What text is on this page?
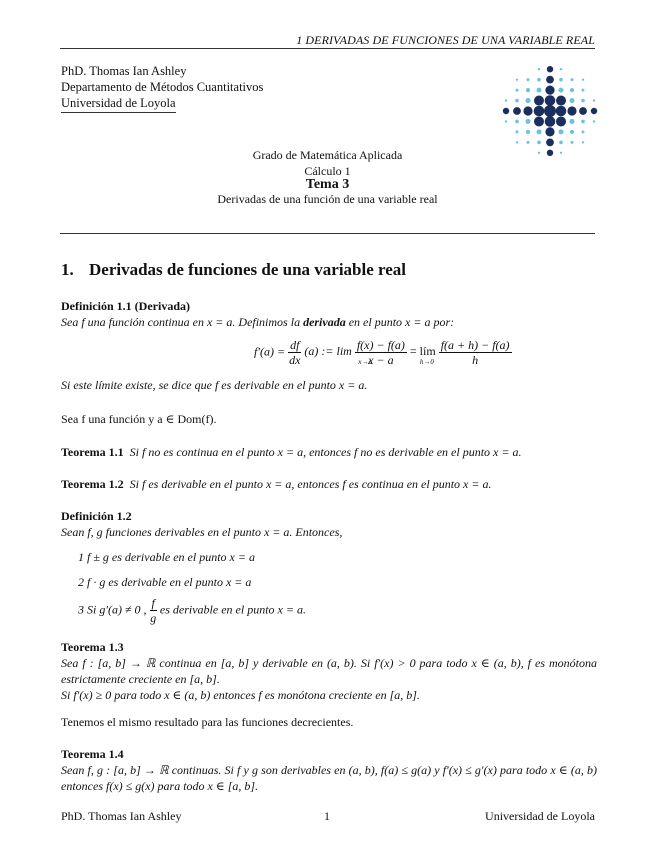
1 DERIVADAS DE FUNCIONES DE UNA VARIABLE REAL
PhD. Thomas Ian Ashley
Departamento de Métodos Cuantitativos
Universidad de Loyola
Grado de Matemática Aplicada
Cálculo 1
Tema 3
Derivadas de una función de una variable real
1. Derivadas de funciones de una variable real
Definición 1.1 (Derivada)
Sea f una función continua en x = a. Definimos la derivada en el punto x = a por:
$f'(a) = \frac{df}{dx} (a)$ := lim
x→a

$\frac{f(x) - f(a)}{x - a}$ = lím
h→0
$\frac{f(a + h) - f(a)}{h}$
Si este límite existe, se dice que f es derivable en el punto x = a.
Sea f una función y a ∈ Dom(f).
Teorema 1.1 Si f no es continua en el punto x = a, entonces f no es derivable en el punto x = a.
Teorema 1.2 Si f es derivable en el punto x = a, entonces f es continua en el punto x = a.
Definición 1.2
Sean f, g funciones derivables en el punto x = a. Entonces,
1 f ± g es derivable en el punto x = a
2 f · g es derivable en el punto x = a
3 Si g′(a) ≠ 0 , $\frac{f}{g}$ es derivable en el punto x = a.
Teorema 1.3
Sea f : [a, b] → ℝ continua en [a, b] y derivable en (a, b). Si f′(x) > 0 para todo x ∈ (a, b), f es monótona estrictamente creciente en [a, b].
Si f′(x) ≥ 0 para todo x ∈ (a, b) entonces f es monótona creciente en [a, b].
Tenemos el mismo resultado para las funciones decrecientes.
Teorema 1.4
Sean f, g : [a, b] → ℝ continuas. Si f y g son derivables en (a, b), f(a) ≤ g(a) y f′(x) ≤ g′(x) para todo x ∈ (a, b) entonces f(x) ≤ g(x) para todo x ∈ [a, b].
PhD. Thomas Ian Ashley	1	Universidad de Loyola
